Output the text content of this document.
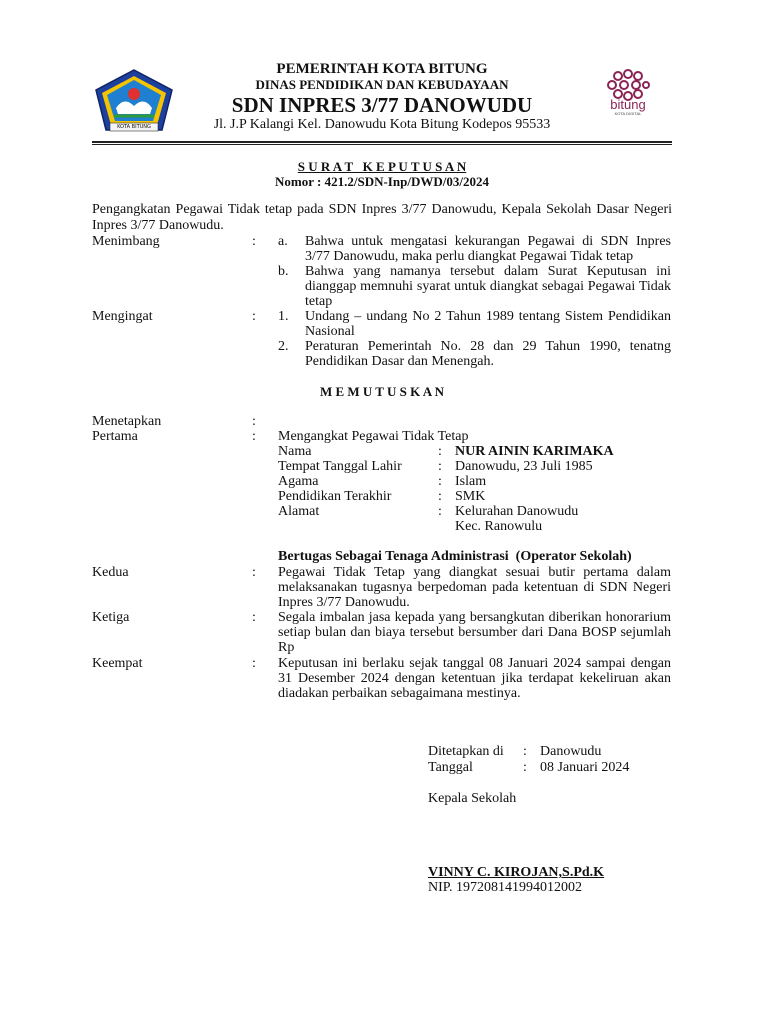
KOTA BITUNG
PEMERINTAH KOTA BITUNG
DINAS PENDIDIKAN DAN KEBUDAYAAN
SDN INPRES 3/77 DANOWUDU
Jl. J.P Kalangi Kel. Danowudu Kota Bitung Kodepos 95533
bitung
KOTA DIGITAL
S U R A T   K E P U T U S A N
Nomor : 421.2/SDN-Inp/DWD/03/2024
Pengangkatan Pegawai Tidak tetap pada SDN Inpres 3/77 Danowudu, Kepala Sekolah Dasar Negeri Inpres 3/77 Danowudu.
Menimbang	: a. Bahwa untuk mengatasi kekurangan Pegawai di SDN Inpres 3/77 Danowudu, maka perlu diangkat Pegawai Tidak tetap
b. Bahwa yang namanya tersebut dalam Surat Keputusan ini dianggap memnuhi syarat untuk diangkat sebagai Pegawai Tidak tetap
Mengingat	: 1. Undang – undang No 2 Tahun 1989 tentang Sistem Pendidikan Nasional
2. Peraturan Pemerintah No. 28 dan 29 Tahun 1990, tenatng Pendidikan Dasar dan Menengah.
M E M U T U S K A N
Menetapkan	:
Pertama	: Mengangkat Pegawai Tidak Tetap
Nama	: NUR AININ KARIMAKA
Tempat Tanggal Lahir	: Danowudu, 23 Juli 1985
Agama	: Islam
Pendidikan Terakhir	: SMK
Alamat	: Kelurahan Danowudu
Kec. Ranowulu
Bertugas Sebagai Tenaga Administrasi  (Operator Sekolah)
Kedua	: Pegawai Tidak Tetap yang diangkat sesuai butir pertama dalam melaksanakan tugasnya berpedoman pada ketentuan di SDN Negeri Inpres 3/77 Danowudu.
Ketiga	: Segala imbalan jasa kepada yang bersangkutan diberikan honorarium setiap bulan dan biaya tersebut bersumber dari Dana BOSP sejumlah Rp
Keempat	: Keputusan ini berlaku sejak tanggal 08 Januari 2024 sampai dengan 31 Desember 2024 dengan ketentuan jika terdapat kekeliruan akan diadakan perbaikan sebagaimana mestinya.
Ditetapkan di : Danowudu
Tanggal	: 08 Januari 2024
Kepala Sekolah
VINNY C. KIROJAN,S.Pd.K
NIP. 197208141994012002
